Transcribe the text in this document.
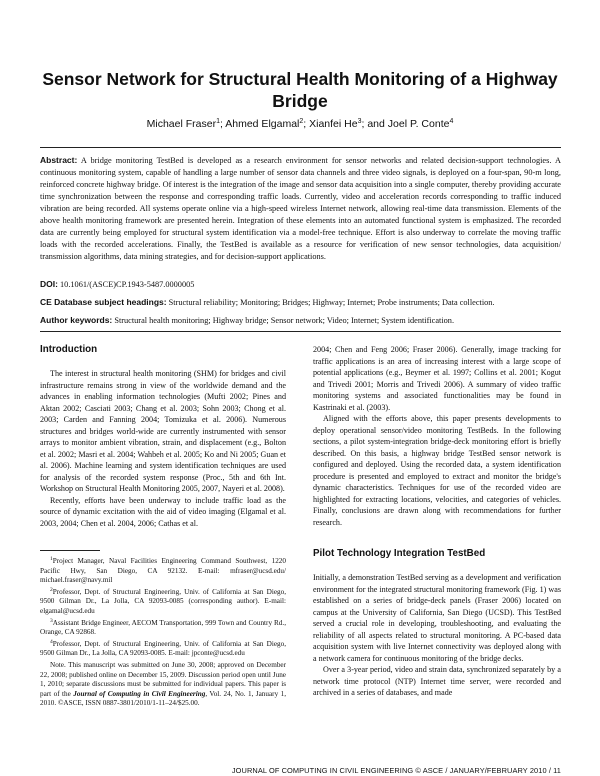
Sensor Network for Structural Health Monitoring of a Highway Bridge
Michael Fraser$^1$; Ahmed Elgamal$^2$; Xianfei He$^3$; and Joel P. Conte$^4$
Abstract: A bridge monitoring TestBed is developed as a research environment for sensor networks and related decision-support technologies. A continuous monitoring system, capable of handling a large number of sensor data channels and three video signals, is deployed on a four-span, 90-m long, reinforced concrete highway bridge. Of interest is the integration of the image and sensor data acquisition into a single computer, thereby providing accurate time synchronization between the response and corresponding traffic loads. Currently, video and acceleration records corresponding to traffic induced vibration are being recorded. All systems operate online via a high-speed wireless Internet network, allowing real-time data transmission. Elements of the above health monitoring framework are presented herein. Integration of these elements into an automated functional system is emphasized. The recorded data are currently being employed for structural system identification via a model-free technique. Effort is also underway to correlate the moving traffic loads with the recorded accelerations. Finally, the TestBed is available as a resource for verification of new sensor technologies, data acquisition/ transmission algorithms, data mining strategies, and for decision-support applications.
DOI: 10.1061/(ASCE)CP.1943-5487.0000005
CE Database subject headings: Structural reliability; Monitoring; Bridges; Highway; Internet; Probe instruments; Data collection.
Author keywords: Structural health monitoring; Highway bridge; Sensor network; Video; Internet; System identification.
Introduction

The interest in structural health monitoring (SHM) for bridges and civil infrastructure remains strong in view of the worldwide demand and the advances in enabling information technologies (Mufti 2002; Pines and Aktan 2002; Casciati 2003; Chang et al. 2003; Sohn 2003; Chong et al. 2003; Carden and Fanning 2004; Tomizuka et al. 2006). Numerous structures and bridges world-wide are currently instrumented with sensor arrays to monitor ambient vibration, strain, and displacement (e.g., Bolton et al. 2002; Masri et al. 2004; Wahbeh et al. 2005; Ko and Ni 2005; Guan et al. 2006). Machine learning and system identification techniques are used for analysis of the recorded system response (Proc., 5th and 6th Int. Workshop on Structural Health Monitoring 2005, 2007, Nayeri et al. 2008).

Recently, efforts have been underway to include traffic load as the source of dynamic excitation with the aid of video imaging (Elgamal et al. 2003, 2004; Chen et al. 2004, 2006; Cathas et al.

$^1$Project Manager, Naval Facilities Engineering Command Southwest, 1220 Pacific Hwy, San Diego, CA 92132. E-mail: mfraser@ucsd.edu/ michael.fraser@navy.mil

$^2$Professor, Dept. of Structural Engineering, Univ. of California at San Diego, 9500 Gilman Dr., La Jolla, CA 92093-0085 (corresponding author). E-mail: elgamal@ucsd.edu

$^3$Assistant Bridge Engineer, AECOM Transportation, 999 Town and Country Rd., Orange, CA 92868.

$^4$Professor, Dept. of Structural Engineering, Univ. of California at San Diego, 9500 Gilman Dr., La Jolla, CA 92093-0085. E-mail: jpconte@ucsd.edu

Note. This manuscript was submitted on June 30, 2008; approved on December 22, 2008; published online on December 15, 2009. Discussion period open until June 1, 2010; separate discussions must be submitted for individual papers. This paper is part of the Journal of Computing in Civil Engineering, Vol. 24, No. 1, January 1, 2010. ©ASCE, ISSN 0887-3801/2010/1-11–24/$25.00.

2004; Chen and Feng 2006; Fraser 2006). Generally, image tracking for traffic applications is an area of increasing interest with a large scope of potential applications (e.g., Beymer et al. 1997; Collins et al. 2001; Kogut and Trivedi 2001; Morris and Trivedi 2006). A summary of video traffic monitoring systems and associated functionalities may be found in Kastrinaki et al. (2003).

Aligned with the efforts above, this paper presents developments to deploy operational sensor/video monitoring TestBeds. In the following sections, a pilot system-integration bridge-deck monitoring effort is briefly described. On this basis, a highway bridge TestBed sensor network is configured and deployed. Using the recorded data, a system identification procedure is presented and employed to extract and monitor the bridge's dynamic characteristics. Techniques for use of the recorded video are highlighted for extracting locations, velocities, and categories of vehicles. Finally, conclusions are drawn along with recommendations for further research.

Pilot Technology Integration TestBed

Initially, a demonstration TestBed serving as a development and verification environment for the integrated structural monitoring framework (Fig. 1) was established on a series of bridge-deck panels (Fraser 2006) located on campus at the University of California, San Diego (UCSD). This TestBed served a crucial role in developing, troubleshooting, and evaluating the reliability of all aspects related to structural monitoring. A PC-based data acquisition system with live Internet connectivity was deployed along with a network camera for continuous monitoring of the bridge decks.

Over a 3-year period, video and strain data, synchronized separately by a network time protocol (NTP) Internet time server, were recorded and archived in a series of databases, and made

JOURNAL OF COMPUTING IN CIVIL ENGINEERING © ASCE / JANUARY/FEBRUARY 2010 / 11
